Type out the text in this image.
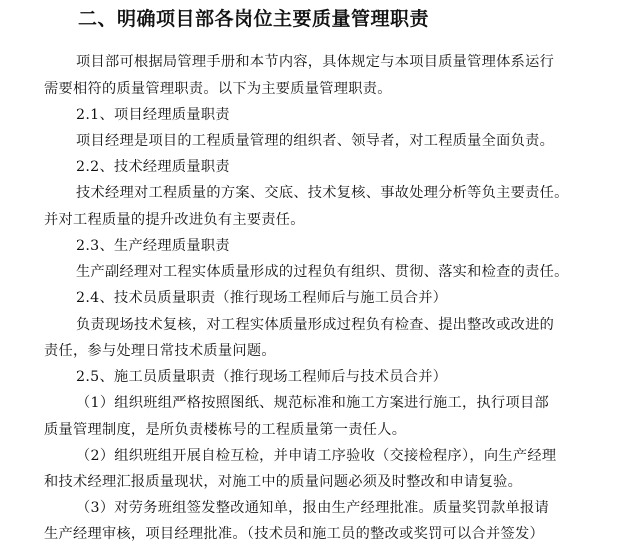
二、明确项目部各岗位主要质量管理职责
项目部可根据局管理手册和本节内容，具体规定与本项目质量管理体系运行
需要相符的质量管理职责。以下为主要质量管理职责。
2.1、项目经理质量职责
项目经理是项目的工程质量管理的组织者、领导者，对工程质量全面负责。
2.2、技术经理质量职责
技术经理对工程质量的方案、交底、技术复核、事故处理分析等负主要责任。
并对工程质量的提升改进负有主要责任。
2.3、生产经理质量职责
生产副经理对工程实体质量形成的过程负有组织、贯彻、落实和检查的责任。
2.4、技术员质量职责（推行现场工程师后与施工员合并）
负责现场技术复核，对工程实体质量形成过程负有检查、提出整改或改进的
责任，参与处理日常技术质量问题。
2.5、施工员质量职责（推行现场工程师后与技术员合并）
（1）组织班组严格按照图纸、规范标准和施工方案进行施工，执行项目部
质量管理制度，是所负责楼栋号的工程质量第一责任人。
（2）组织班组开展自检互检，并申请工序验收（交接检程序），向生产经理
和技术经理汇报质量现状，对施工中的质量问题必须及时整改和申请复验。
（3）对劳务班组签发整改通知单，报由生产经理批准。质量奖罚款单报请
生产经理审核，项目经理批准。（技术员和施工员的整改或奖罚可以合并签发）
